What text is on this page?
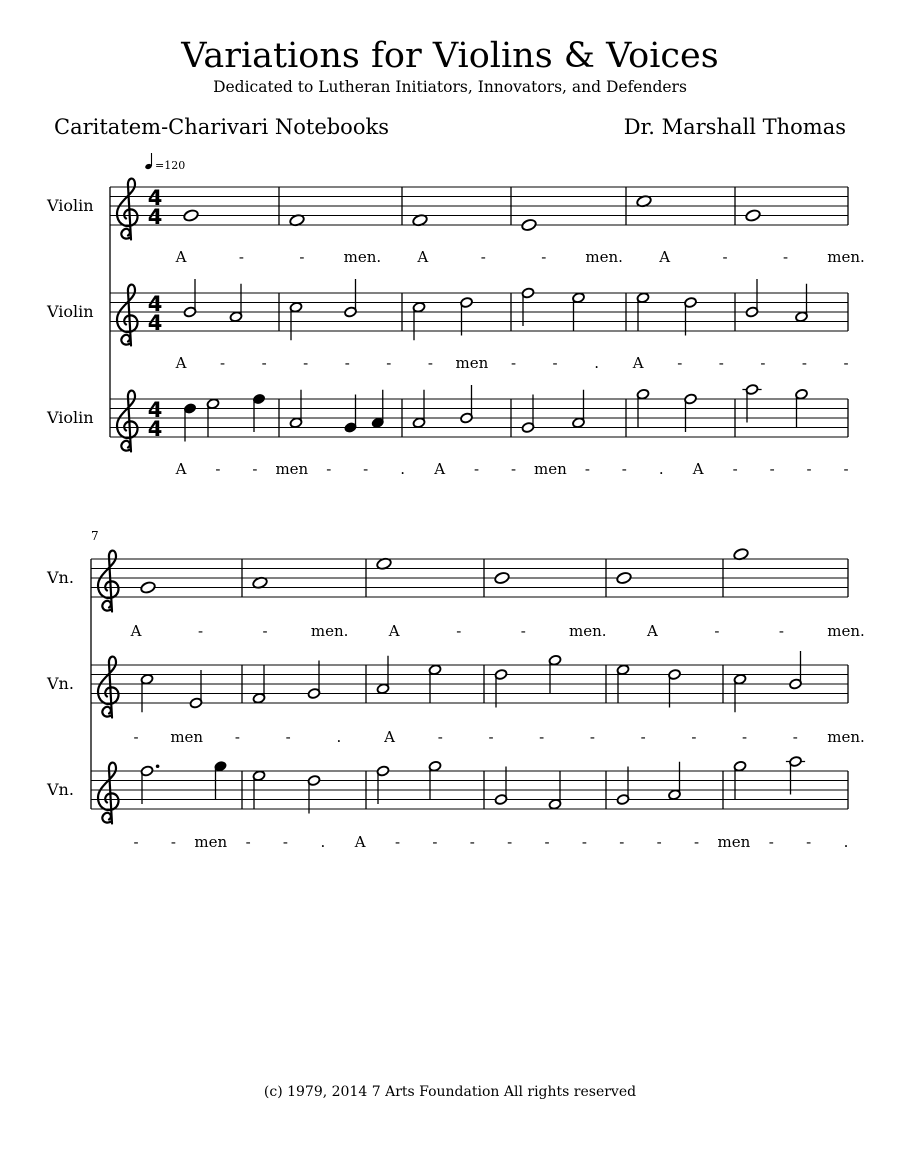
Variations for Violins & Voices
Dedicated to Lutheran Initiators, Innovators, and Defenders
Caritatem-Charivari Notebooks	Dr. Marshall Thomas
=120
Violin	4
4
A	-	-	men. A	-	-	men. A	-	-	men.
Violin	4
4
A - - - - - - men - - . A - - - - -
Violin	4
4
A - - men - - . A - - men - - . A - - - -
7
Vn.
A	-	-	men.	A	-	-	men.	A	-	-	men.
Vn.
- men -	-	.	A	-	-	-	-	-	-	-	- men.
Vn.
- - men - - . A - - - - - - - - - men - - .
(c) 1979, 2014 7 Arts Foundation All rights reserved
